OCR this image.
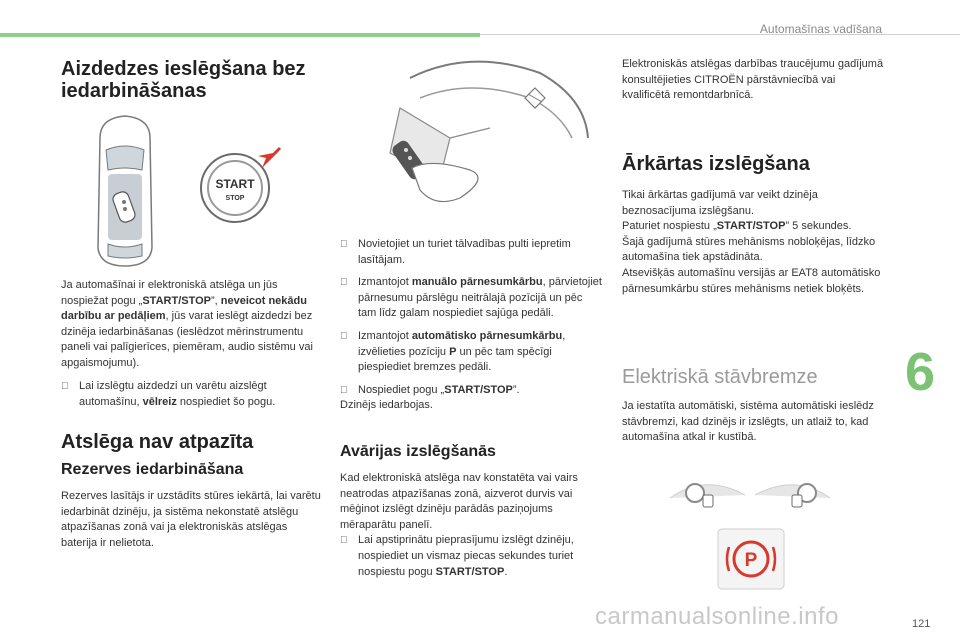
Automašīnas vadīšana
6
121
carmanualsonline.info
Aizdedzes ieslēgšana bez iedarbināšanas
START
STOP
Ja automašīnai ir elektroniskā atslēga un jūs nospiežat pogu „START/STOP”, neveicot nekādu darbību ar pedāļiem, jūs varat ieslēgt aizdedzi bez dzinēja iedarbināšanas (ieslēdzot mērinstrumentu paneli vai palīgierīces, piemēram, audio sistēmu vai apgaismojumu).
Lai izslēgtu aizdedzi un varētu aizslēgt automašīnu, vēlreiz nospiediet šo pogu.
Atslēga nav atpazīta
Rezerves iedarbināšana
Rezerves lasītājs ir uzstādīts stūres iekārtā, lai varētu iedarbināt dzinēju, ja sistēma nekonstatē atslēgu atpazīšanas zonā vai ja elektroniskās atslēgas baterija ir nelietota.
Novietojiet un turiet tālvadības pulti iepretim lasītājam.
Izmantojot manuālo pārnesumkārbu, pārvietojiet pārnesumu pārslēgu neitrālajā pozīcijā un pēc tam līdz galam nospiediet sajūga pedāli.
Izmantojot automātisko pārnesumkārbu, izvēlieties pozīciju P un pēc tam spēcīgi piespiediet bremzes pedāli.
Nospiediet pogu „START/STOP”.
Dzinējs iedarbojas.
Avārijas izslēgšanās
Kad elektroniskā atslēga nav konstatēta vai vairs neatrodas atpazīšanas zonā, aizverot durvis vai mēģinot izslēgt dzinēju parādās paziņojums mēraparātu panelī.
Lai apstiprinātu pieprasījumu izslēgt dzinēju, nospiediet un vismaz piecas sekundes turiet nospiestu pogu START/STOP.
Elektroniskās atslēgas darbības traucējumu gadījumā konsultējieties CITROËN pārstāvniecībā vai kvalificētā remontdarbnīcā.
Ārkārtas izslēgšana
Tikai ārkārtas gadījumā var veikt dzinēja beznosacījuma izslēgšanu.
Paturiet nospiestu „START/STOP” 5 sekundes.
Šajā gadījumā stūres mehānisms nobloķējas, līdzko automašīna tiek apstādināta.
Atsevišķās automašīnu versijās ar EAT8 automātisko pārnesumkārbu stūres mehānisms netiek bloķēts.
Elektriskā stāvbremze
Ja iestatīta automātiski, sistēma automātiski ieslēdz stāvbremzi, kad dzinējs ir izslēgts, un atlaiž to, kad automašīna atkal ir kustībā.
P
